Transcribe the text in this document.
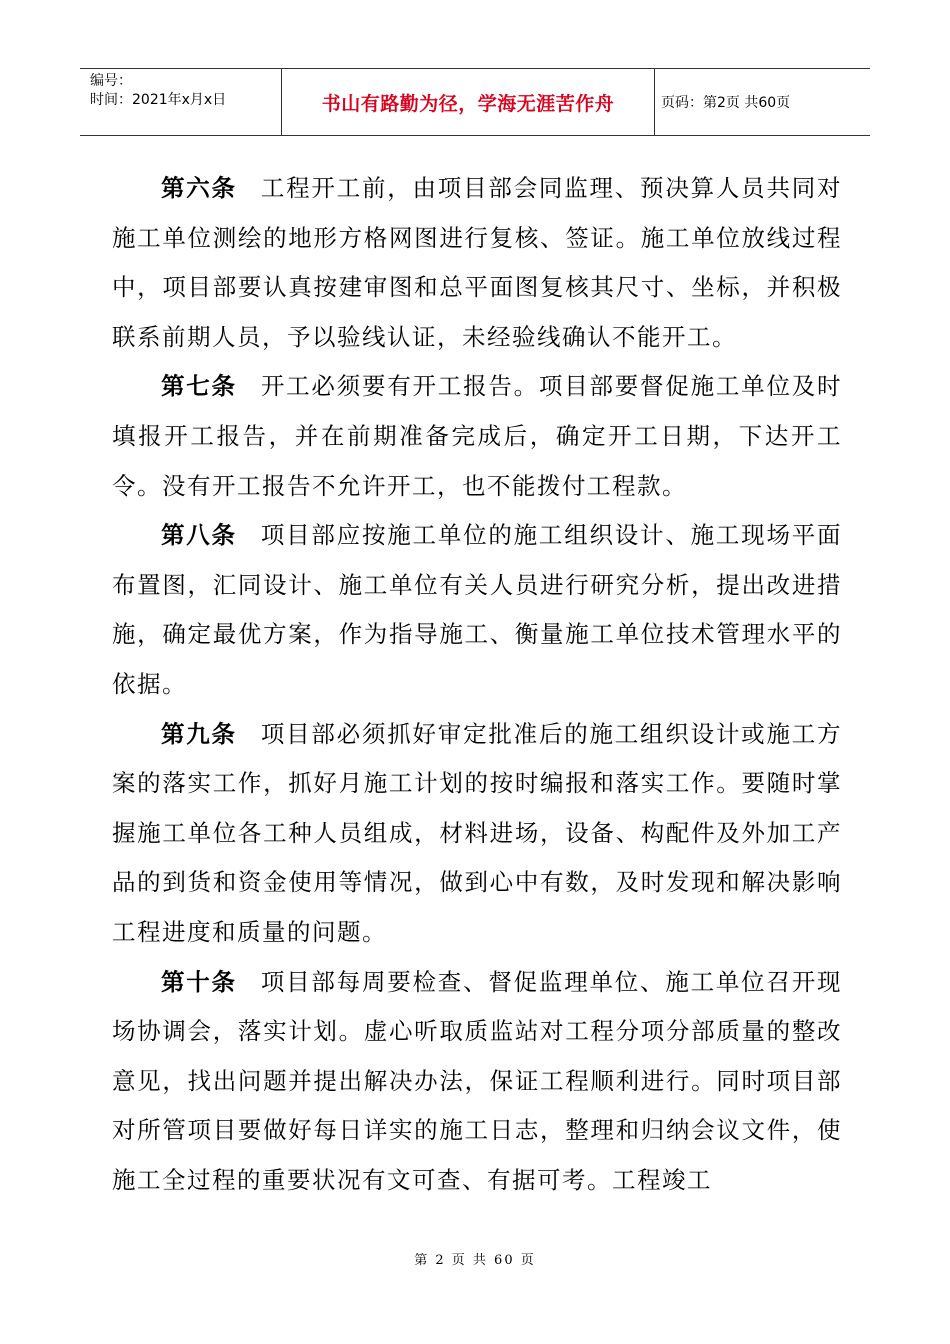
编号：
时间：2021年x月x日	书山有路勤为径，学海无涯苦作舟	页码：第2页 共60页

第六条 工程开工前，由项目部会同监理、预决算人员共同对施工单位测绘的地形方格网图进行复核、签证。施工单位放线过程中，项目部要认真按建审图和总平面图复核其尺寸、坐标，并积极联系前期人员，予以验线认证，未经验线确认不能开工。

第七条 开工必须要有开工报告。项目部要督促施工单位及时填报开工报告，并在前期准备完成后，确定开工日期，下达开工令。没有开工报告不允许开工，也不能拨付工程款。

第八条 项目部应按施工单位的施工组织设计、施工现场平面布置图，汇同设计、施工单位有关人员进行研究分析，提出改进措施，确定最优方案，作为指导施工、衡量施工单位技术管理水平的依据。

第九条 项目部必须抓好审定批准后的施工组织设计或施工方案的落实工作，抓好月施工计划的按时编报和落实工作。要随时掌握施工单位各工种人员组成，材料进场，设备、构配件及外加工产品的到货和资金使用等情况，做到心中有数，及时发现和解决影响工程进度和质量的问题。

第十条 项目部每周要检查、督促监理单位、施工单位召开现场协调会，落实计划。虚心听取质监站对工程分项分部质量的整改意见，找出问题并提出解决办法，保证工程顺利进行。同时项目部对所管项目要做好每日详实的施工日志，整理和归纳会议文件，使施工全过程的重要状况有文可查、有据可考。工程竣工

第 2 页 共 60 页
